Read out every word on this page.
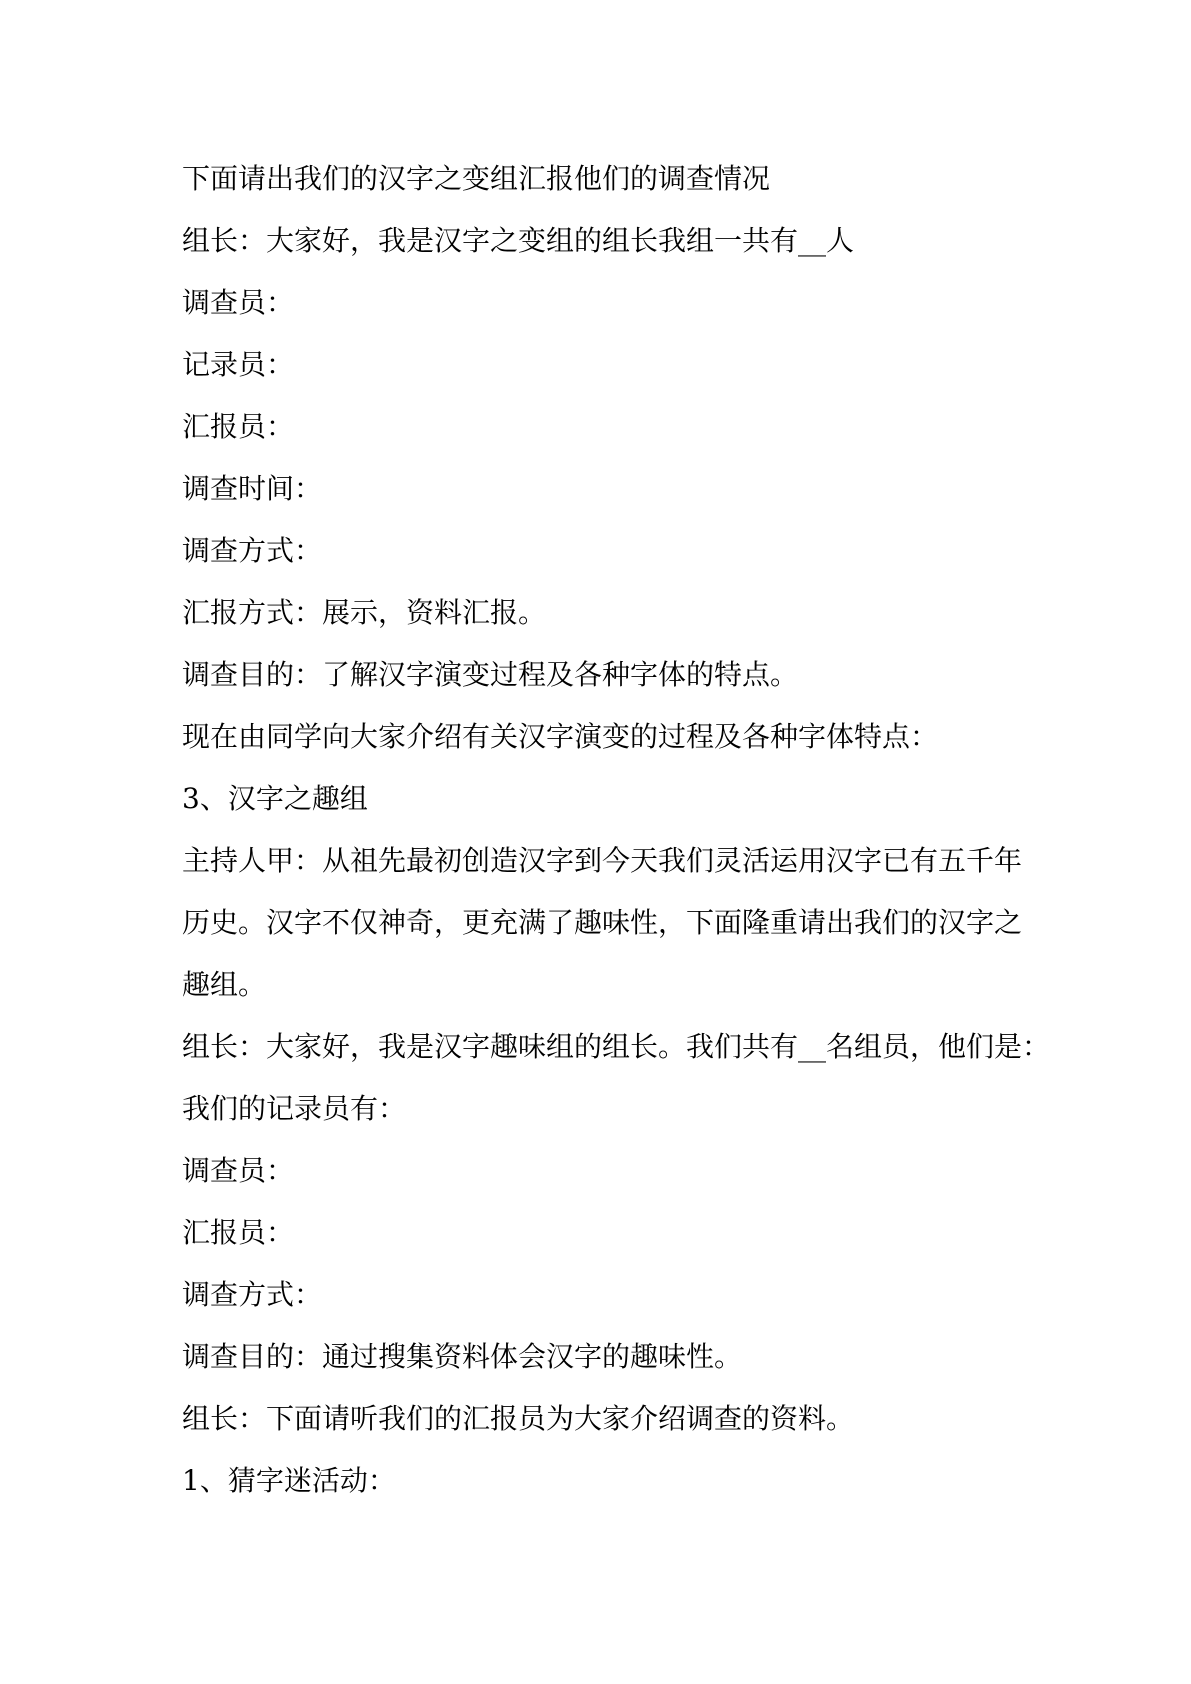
下面请出我们的汉字之变组汇报他们的调查情况

组长：大家好，我是汉字之变组的组长我组一共有__人

调查员：

记录员：

汇报员：

调查时间：

调查方式：

汇报方式：展示，资料汇报。

调查目的：了解汉字演变过程及各种字体的特点。

现在由同学向大家介绍有关汉字演变的过程及各种字体特点：

3、汉字之趣组

主持人甲：从祖先最初创造汉字到今天我们灵活运用汉字已有五千年

历史。汉字不仅神奇，更充满了趣味性，下面隆重请出我们的汉字之

趣组。

组长：大家好，我是汉字趣味组的组长。我们共有__名组员，他们是：

我们的记录员有：

调查员：

汇报员：

调查方式：

调查目的：通过搜集资料体会汉字的趣味性。

组长：下面请听我们的汇报员为大家介绍调查的资料。

1、猜字迷活动：
